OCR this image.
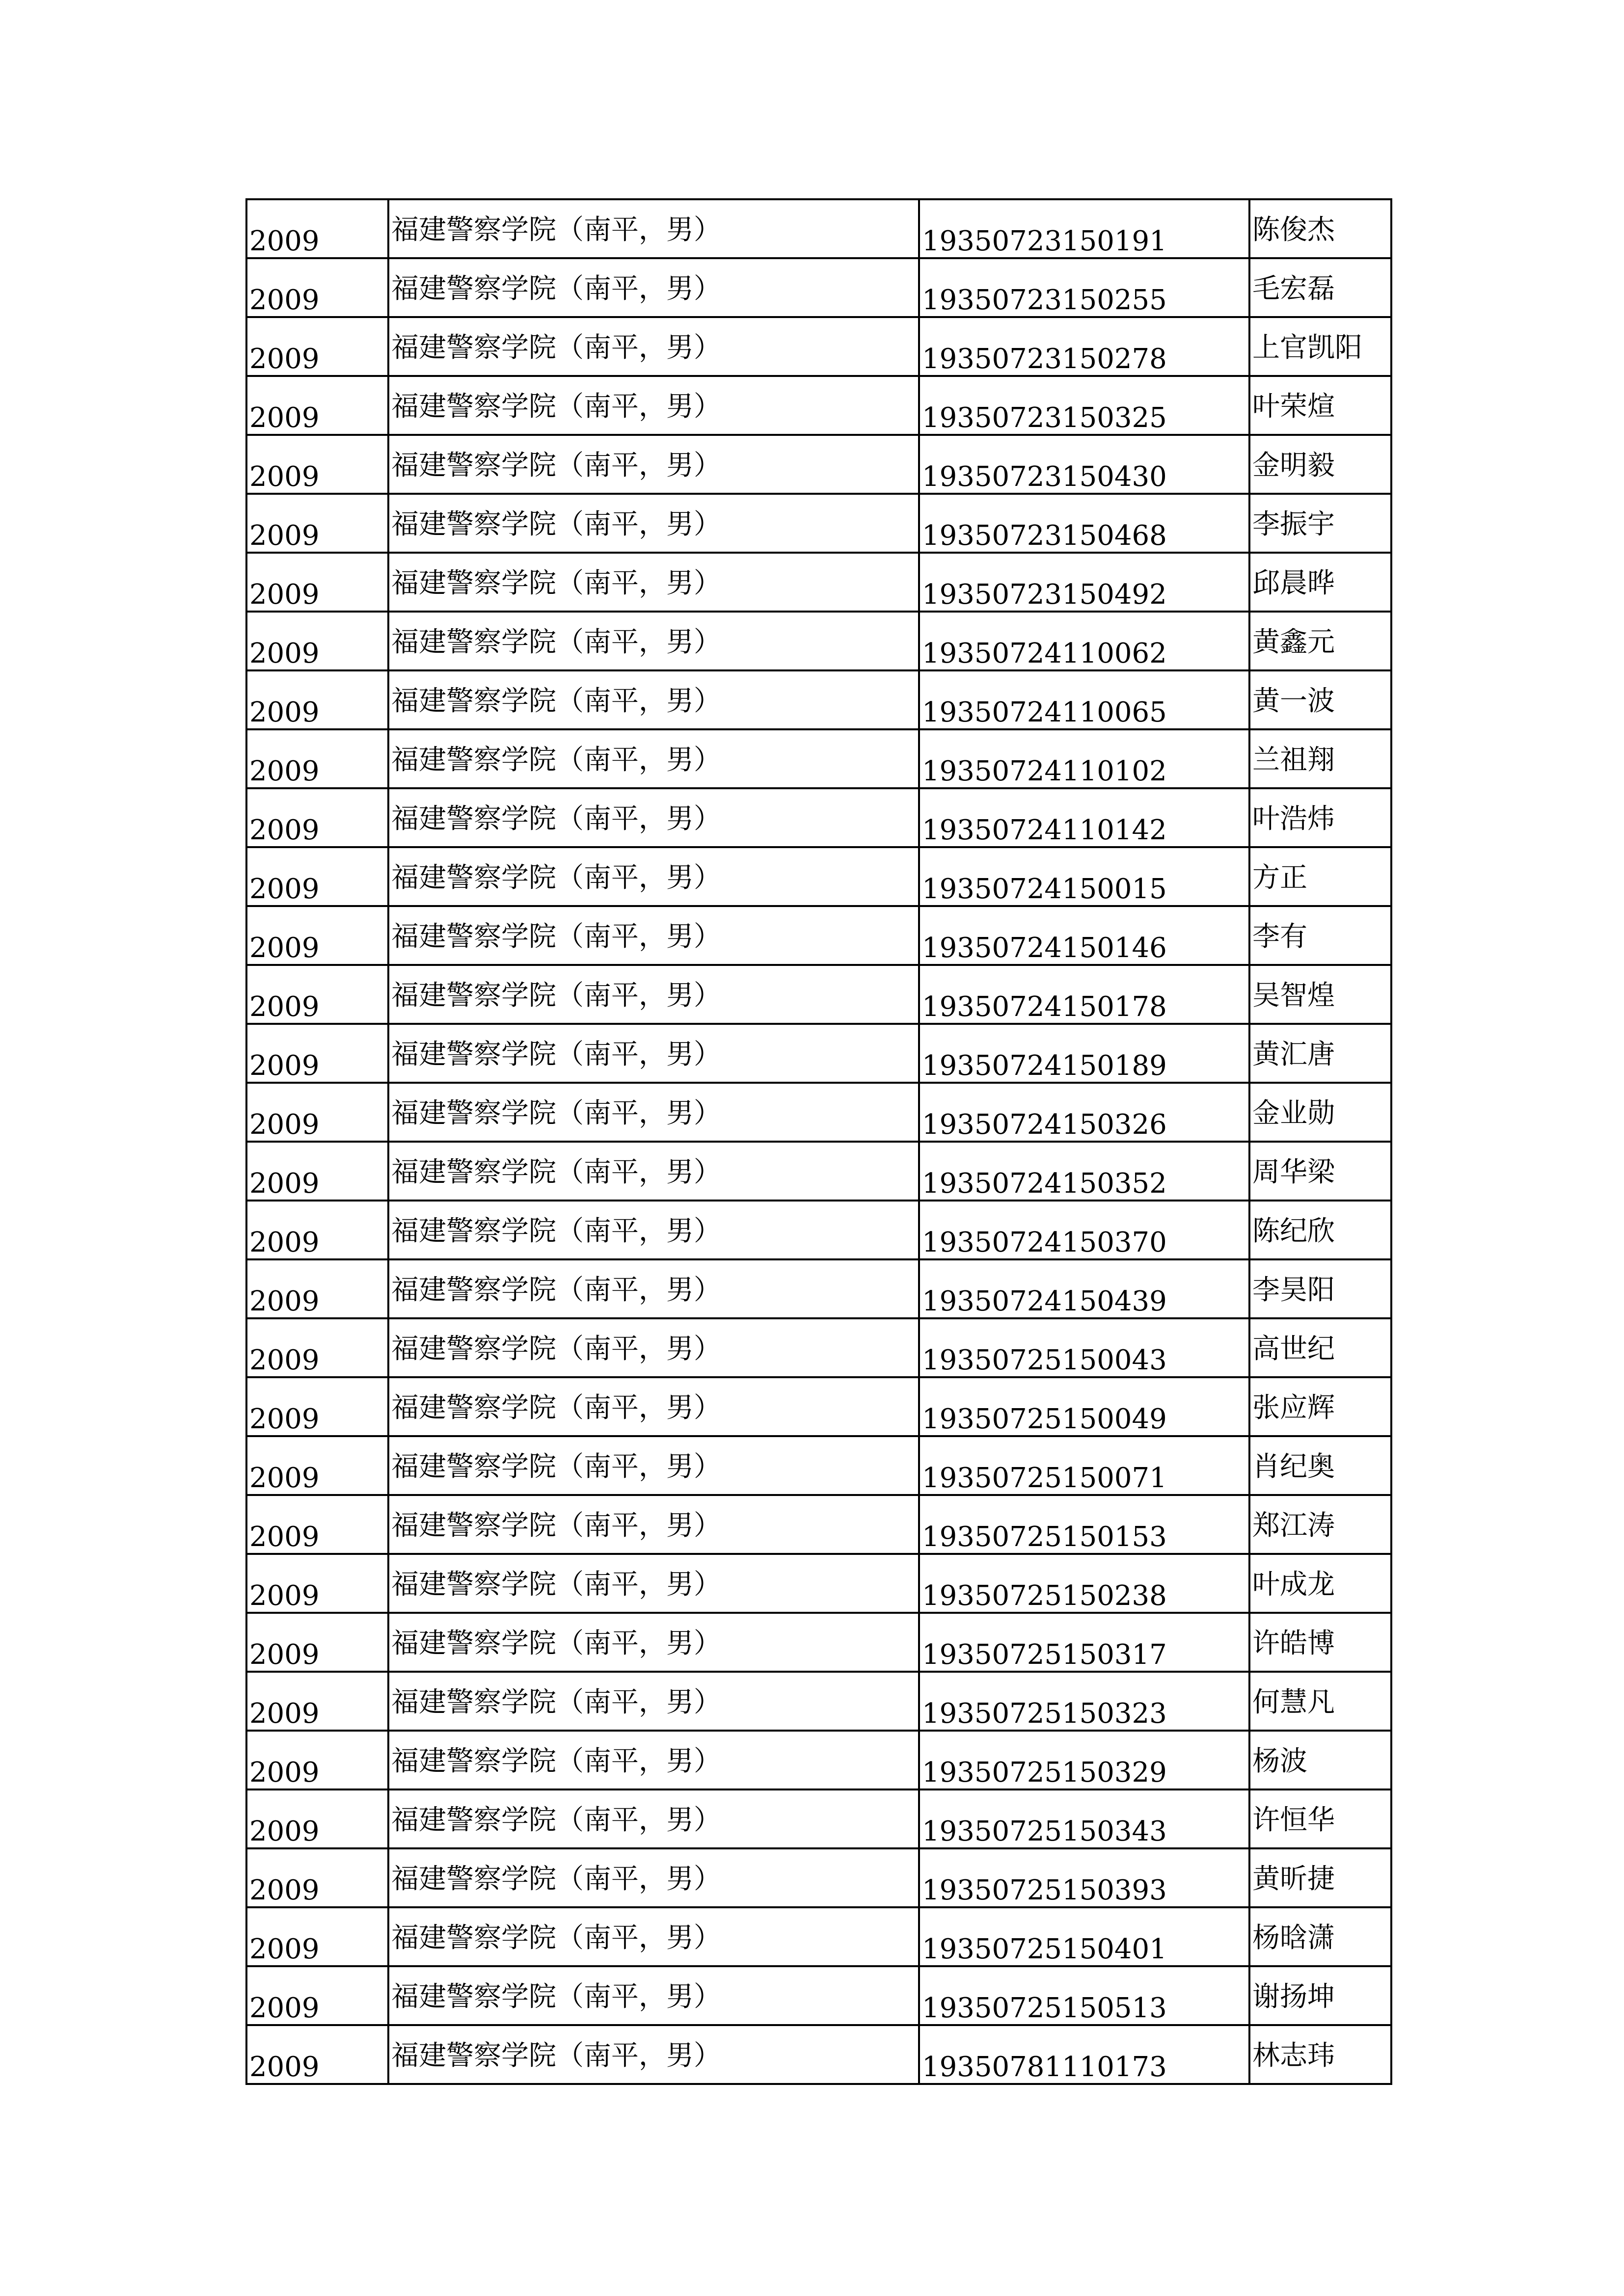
2009	福建警察学院（南平，男）	19350723150191	陈俊杰
2009	福建警察学院（南平，男）	19350723150255	毛宏磊
2009	福建警察学院（南平，男）	19350723150278	上官凯阳
2009	福建警察学院（南平，男）	19350723150325	叶荣煊
2009	福建警察学院（南平，男）	19350723150430	金明毅
2009	福建警察学院（南平，男）	19350723150468	李振宇
2009	福建警察学院（南平，男）	19350723150492	邱晨晔
2009	福建警察学院（南平，男）	19350724110062	黄鑫元
2009	福建警察学院（南平，男）	19350724110065	黄一波
2009	福建警察学院（南平，男）	19350724110102	兰祖翔
2009	福建警察学院（南平，男）	19350724110142	叶浩炜
2009	福建警察学院（南平，男）	19350724150015	方正
2009	福建警察学院（南平，男）	19350724150146	李有
2009	福建警察学院（南平，男）	19350724150178	吴智煌
2009	福建警察学院（南平，男）	19350724150189	黄汇唐
2009	福建警察学院（南平，男）	19350724150326	金业勋
2009	福建警察学院（南平，男）	19350724150352	周华梁
2009	福建警察学院（南平，男）	19350724150370	陈纪欣
2009	福建警察学院（南平，男）	19350724150439	李昊阳
2009	福建警察学院（南平，男）	19350725150043	高世纪
2009	福建警察学院（南平，男）	19350725150049	张应辉
2009	福建警察学院（南平，男）	19350725150071	肖纪奥
2009	福建警察学院（南平，男）	19350725150153	郑江涛
2009	福建警察学院（南平，男）	19350725150238	叶成龙
2009	福建警察学院（南平，男）	19350725150317	许皓博
2009	福建警察学院（南平，男）	19350725150323	何慧凡
2009	福建警察学院（南平，男）	19350725150329	杨波
2009	福建警察学院（南平，男）	19350725150343	许恒华
2009	福建警察学院（南平，男）	19350725150393	黄昕捷
2009	福建警察学院（南平，男）	19350725150401	杨晗潇
2009	福建警察学院（南平，男）	19350725150513	谢扬坤
2009	福建警察学院（南平，男）	19350781110173	林志玮
